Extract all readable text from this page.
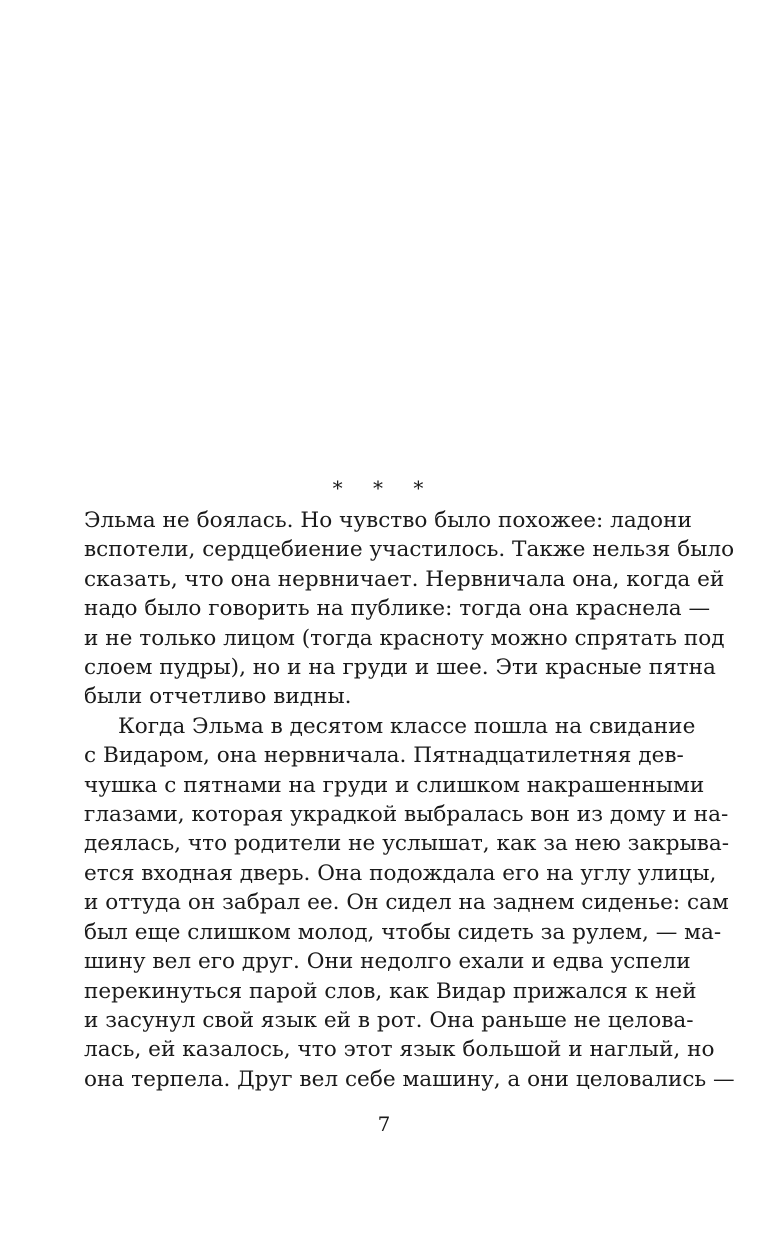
* * *
Эльма не боялась. Но чувство было похожее: ладони
вспотели, сердцебиение участилось. Также нельзя было
сказать, что она нервничает. Нервничала она, когда ей
надо было говорить на публике: тогда она краснела —
и не только лицом (тогда красноту можно спрятать под
слоем пудры), но и на груди и шее. Эти красные пятна
были отчетливо видны.
Когда Эльма в десятом классе пошла на свидание
с Видаром, она нервничала. Пятнадцатилетняя дев-
чушка с пятнами на груди и слишком накрашенными
глазами, которая украдкой выбралась вон из дому и на-
деялась, что родители не услышат, как за нею закрыва-
ется входная дверь. Она подождала его на углу улицы,
и оттуда он забрал ее. Он сидел на заднем сиденье: сам
был еще слишком молод, чтобы сидеть за рулем, — ма-
шину вел его друг. Они недолго ехали и едва успели
перекинуться парой слов, как Видар прижался к ней
и засунул свой язык ей в рот. Она раньше не целова-
лась, ей казалось, что этот язык большой и наглый, но
она терпела. Друг вел себе машину, а они целовались —
7
